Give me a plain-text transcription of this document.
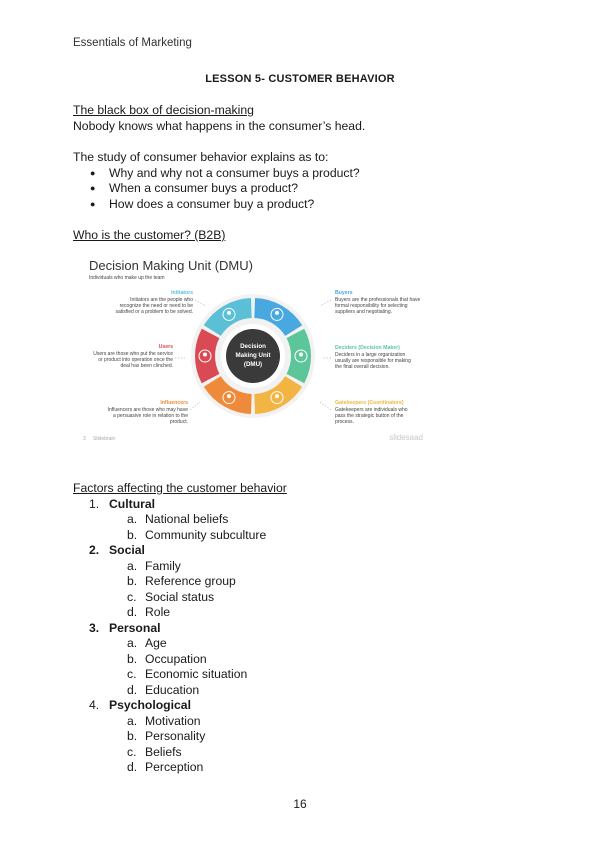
Essentials of Marketing
LESSON 5- CUSTOMER BEHAVIOR

The black box of decision-making

Nobody knows what happens in the consumer’s head.

The study of consumer behavior explains as to:

● Why and why not a consumer buys a product?
● When a consumer buys a product?
● How does a consumer buy a product?

Who is the customer? (B2B)

Decision Making Unit (DMU)
Individuals who make up the team
Decision
Making Unit
(DMU)
Initiators
Initiators are the people who
recognize the need or need to be
satisfied or a problem to be solved.
Users
Users are those who put the service
or product into operation once the
deal has been clinched.
Influencers
Influencers are those who may have
a persuasive role in relation to the
product.
Buyers
Buyers are the professionals that have
formal responsibility for selecting
suppliers and negotiating.
Deciders (Decision Maker)
Deciders in a large organization
usually are responsible for making
the final overall decision.
Gatekeepers (Coordinators)
Gatekeepers are individuals who
pass the strategic button of the
process.
3 Slidebrain	slidesaad

Factors affecting the customer behavior

1. Cultural
a. National beliefs
b. Community subculture
2. Social
a. Family
b. Reference group
c. Social status
d. Role
3. Personal
a. Age
b. Occupation
c. Economic situation
d. Education
4. Psychological
a. Motivation
b. Personality
c. Beliefs
d. Perception
16
